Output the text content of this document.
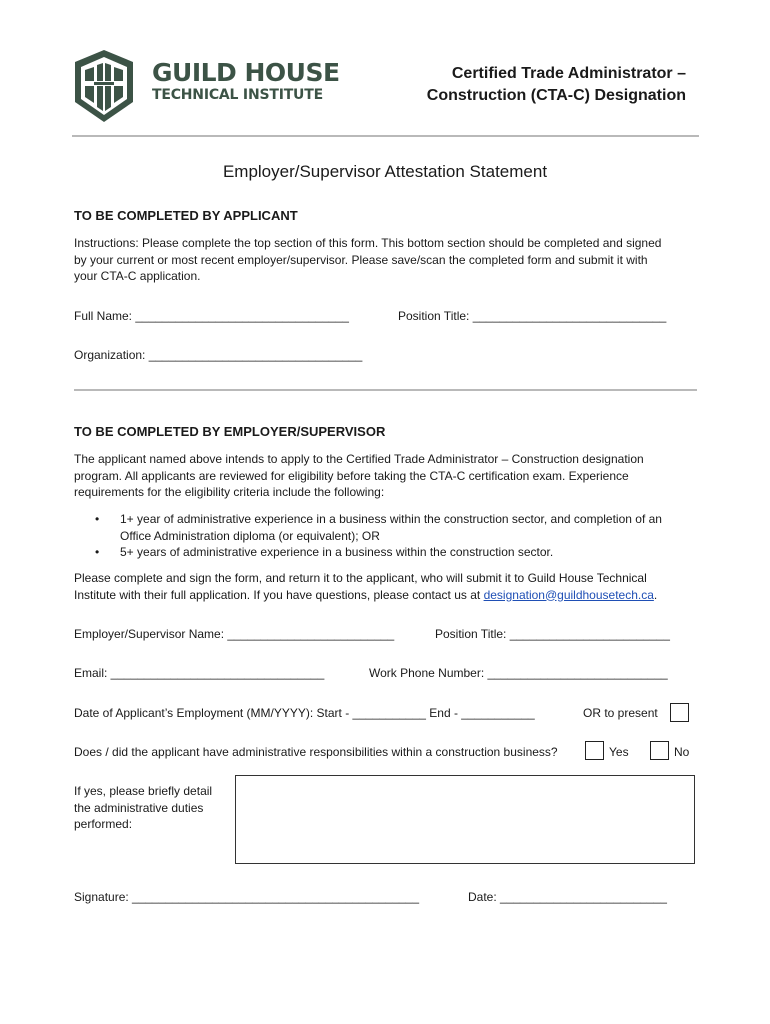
GUILD HOUSE
TECHNICAL INSTITUTE
Certified Trade Administrator –
Construction (CTA-C) Designation
Employer/Supervisor Attestation Statement
TO BE COMPLETED BY APPLICANT
Instructions: Please complete the top section of this form. This bottom section should be completed and signed
by your current or most recent employer/supervisor. Please save/scan the completed form and submit it with
your CTA-C application.
Full Name: ________________________________	Position Title: _____________________________
Organization: ________________________________
TO BE COMPLETED BY EMPLOYER/SUPERVISOR
The applicant named above intends to apply to the Certified Trade Administrator – Construction designation
program. All applicants are reviewed for eligibility before taking the CTA-C certification exam. Experience
requirements for the eligibility criteria include the following:
• 1+ year of administrative experience in a business within the construction sector, and completion of an
Office Administration diploma (or equivalent); OR
• 5+ years of administrative experience in a business within the construction sector.
Please complete and sign the form, and return it to the applicant, who will submit it to Guild House Technical
Institute with their full application. If you have questions, please contact us at designation@guildhousetech.ca.
Employer/Supervisor Name: _________________________	Position Title: ________________________
Email: ________________________________	Work Phone Number: ___________________________
Date of Applicant’s Employment (MM/YYYY): Start - ___________ End - ___________	OR to present
Does / did the applicant have administrative responsibilities within a construction business?	Yes	No
If yes, please briefly detail
the administrative duties
performed:
Signature: ___________________________________________	Date: _________________________
